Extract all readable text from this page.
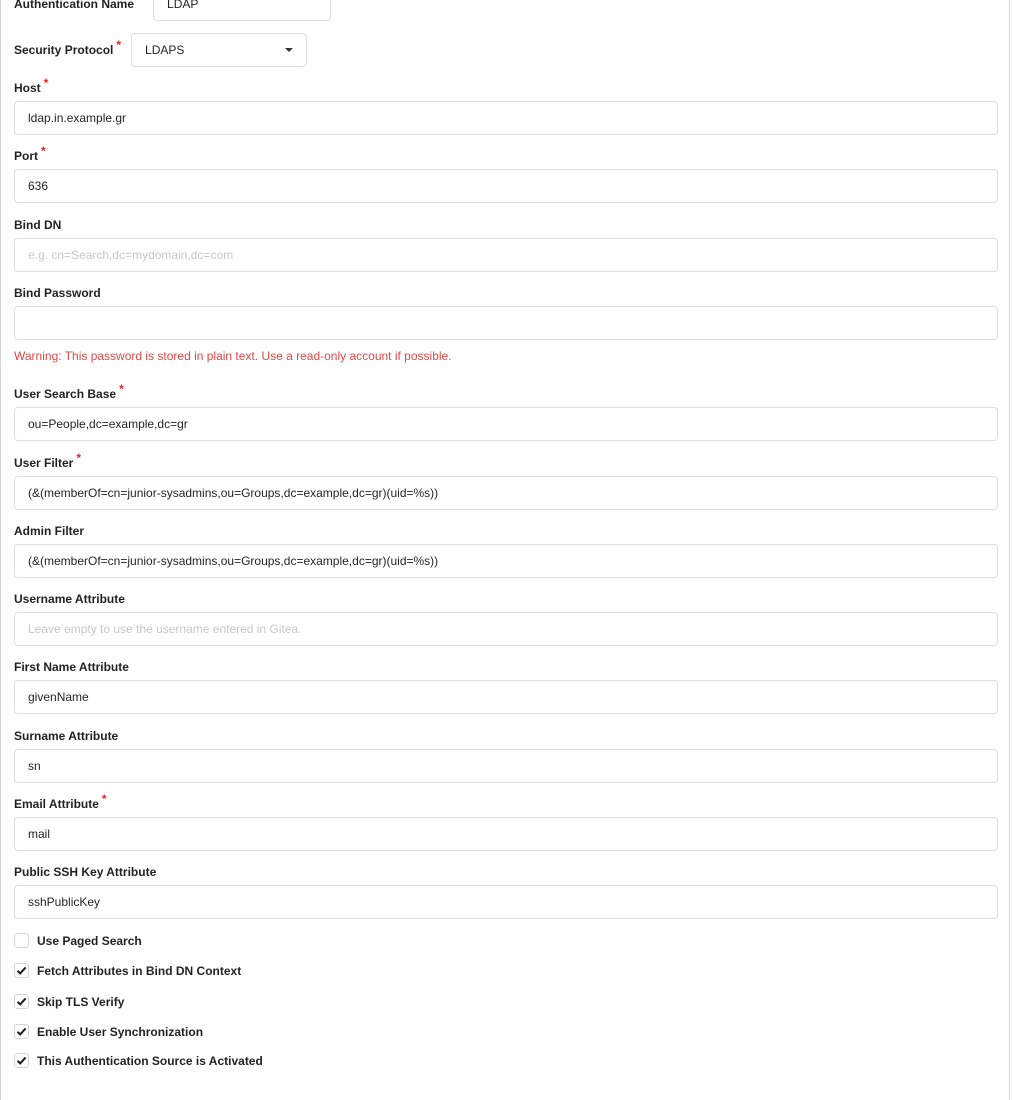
Authentication Name
LDAP
Security Protocol * LDAPS
Host *
ldap.in.example.gr
Port *
636
Bind DN
e.g. cn=Search,dc=mydomain,dc=com
Bind Password
Warning: This password is stored in plain text. Use a read-only account if possible.
User Search Base *
ou=People,dc=example,dc=gr
User Filter *
(&(memberOf=cn=junior-sysadmins,ou=Groups,dc=example,dc=gr)(uid=%s))
Admin Filter
(&(memberOf=cn=junior-sysadmins,ou=Groups,dc=example,dc=gr)(uid=%s))
Username Attribute
Leave empty to use the username entered in Gitea.
First Name Attribute
givenName
Surname Attribute
sn
Email Attribute *
mail
Public SSH Key Attribute
sshPublicKey
Use Paged Search
Fetch Attributes in Bind DN Context
Skip TLS Verify
Enable User Synchronization
This Authentication Source is Activated
